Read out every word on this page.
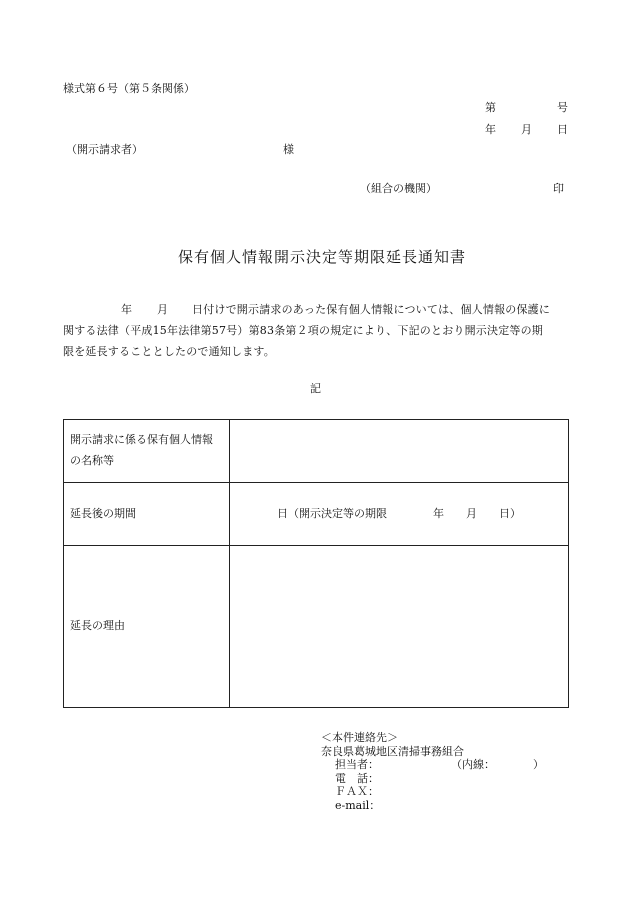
様式第６号（第５条関係）
第	号
年 月 日
（開示請求者）	様
（組合の機関）	印
保有個人情報開示決定等期限延長通知書
年 月 日付けで開示請求のあった保有個人情報については、個人情報の保護に
関する法律（平成15年法律第57号）第83条第２項の規定により、下記のとおり開示決定等の期
限を延長することとしたので通知します。
記
開示請求に係る保有個人情報
の名称等	

延長後の期間	日（開示決定等の期限 年 月 日）
延長の理由	
＜本件連絡先＞
奈良県葛城地区清掃事務組合
担当者：	（内線：	）
電　話：
ＦＡＸ：
e-mail：
